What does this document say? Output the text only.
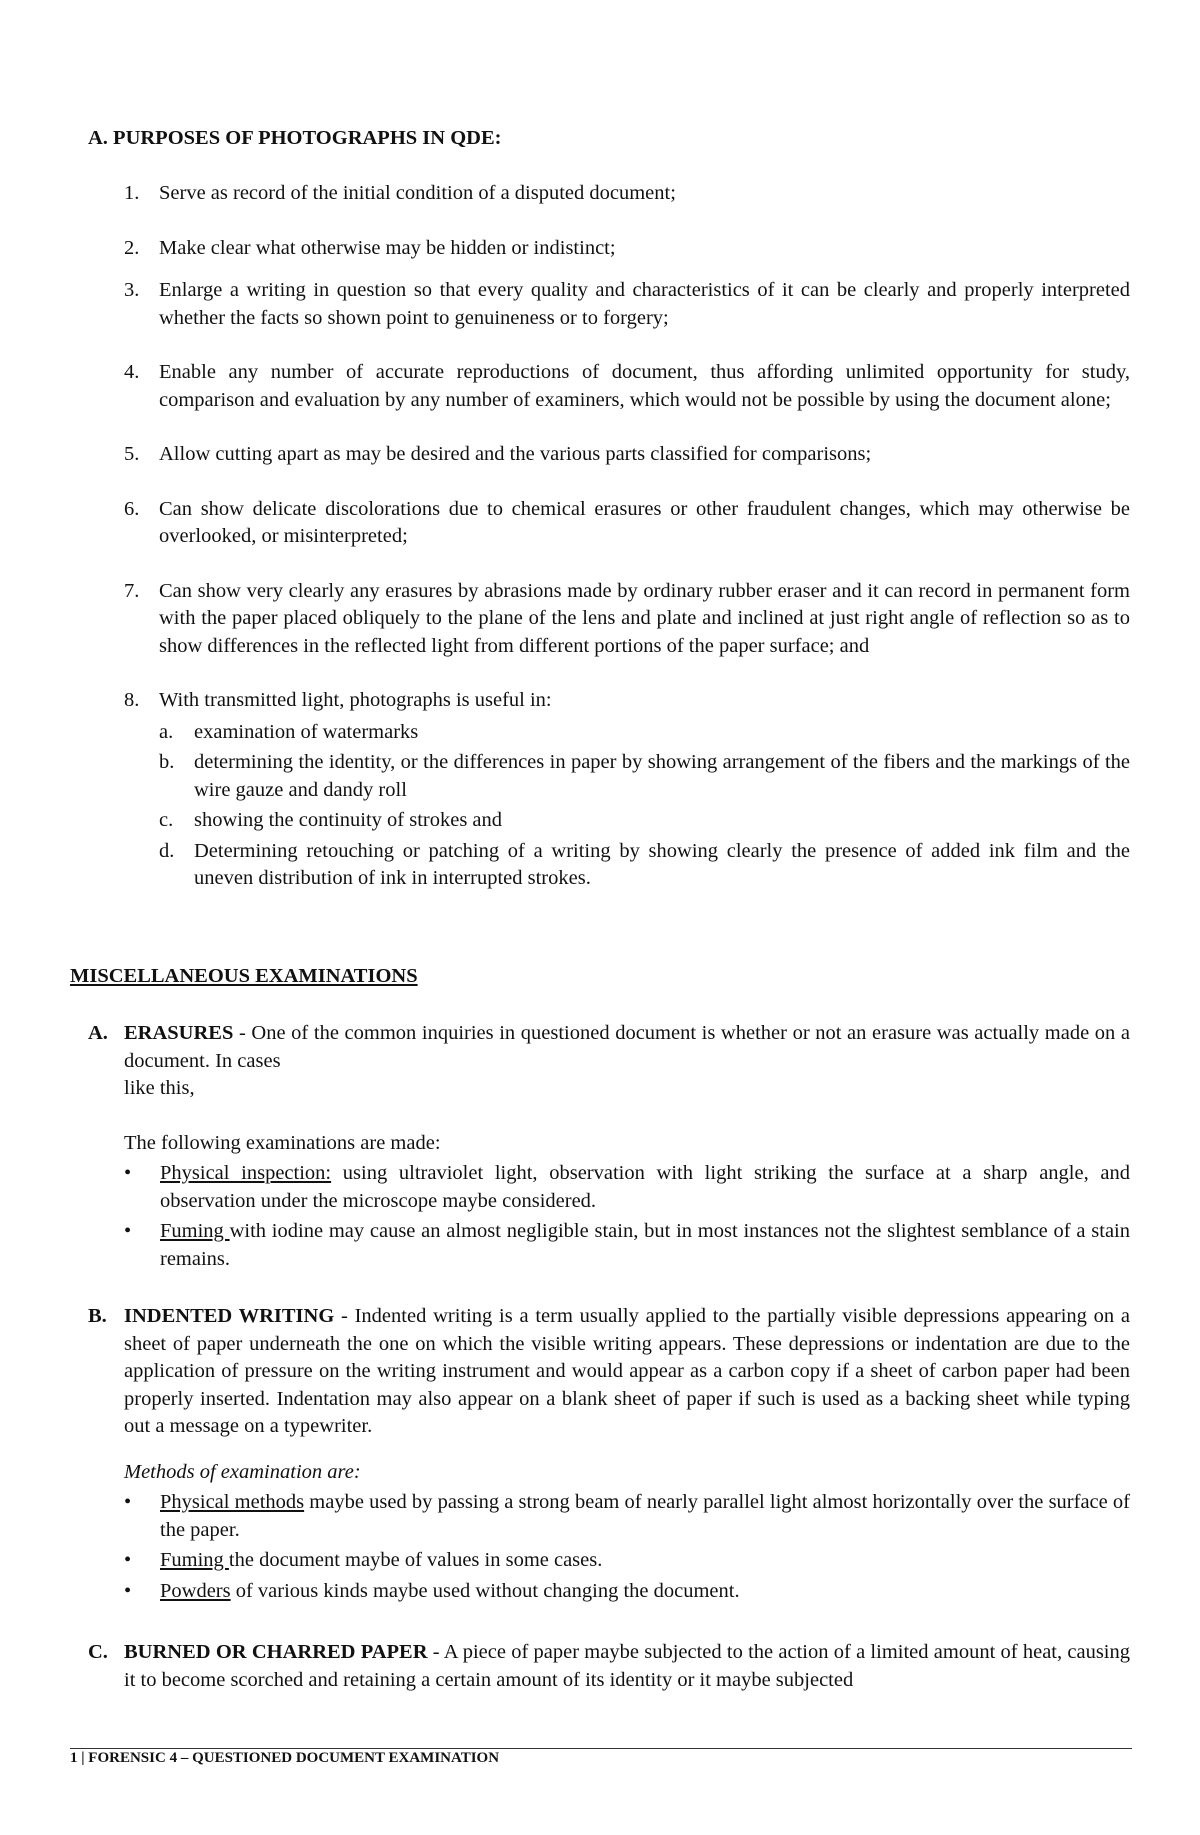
A. PURPOSES OF PHOTOGRAPHS IN QDE:
1. Serve as record of the initial condition of a disputed document;
2. Make clear what otherwise may be hidden or indistinct;
3. Enlarge a writing in question so that every quality and characteristics of it can be clearly and properly interpreted whether the facts so shown point to genuineness or to forgery;
4. Enable any number of accurate reproductions of document, thus affording unlimited opportunity for study, comparison and evaluation by any number of examiners, which would not be possible by using the document alone;
5. Allow cutting apart as may be desired and the various parts classified for comparisons;
6. Can show delicate discolorations due to chemical erasures or other fraudulent changes, which may otherwise be overlooked, or misinterpreted;
7. Can show very clearly any erasures by abrasions made by ordinary rubber eraser and it can record in permanent form with the paper placed obliquely to the plane of the lens and plate and inclined at just right angle of reflection so as to show differences in the reflected light from different portions of the paper surface; and
8. With transmitted light, photographs is useful in:
a.	examination of watermarks
b. determining the identity, or the differences in paper by showing arrangement of the fibers and the markings of the wire gauze and dandy roll
c.	showing the continuity of strokes and
d. Determining retouching or patching of a writing by showing clearly the presence of added ink film and the uneven distribution of ink in interrupted strokes.
MISCELLANEOUS EXAMINATIONS
A. ERASURES - One of the common inquiries in questioned document is whether or not an erasure was actually made on a document. In cases
like this,
The following examinations are made:
•	Physical inspection: using ultraviolet light, observation with light striking the surface at a sharp angle, and observation under the microscope maybe considered.
•	Fuming with iodine may cause an almost negligible stain, but in most instances not the slightest semblance of a stain remains.
B. INDENTED WRITING - Indented writing is a term usually applied to the partially visible depressions appearing on a sheet of paper underneath the one on which the visible writing appears. These depressions or indentation are due to the application of pressure on the writing instrument and would appear as a carbon copy if a sheet of carbon paper had been properly inserted. Indentation may also appear on a blank sheet of paper if such is used as a backing sheet while typing out a message on a typewriter.
Methods of examination are:
•	Physical methods maybe used by passing a strong beam of nearly parallel light almost horizontally over the surface of the paper.
•	Fuming the document maybe of values in some cases.
•	Powders of various kinds maybe used without changing the document.
C. BURNED OR CHARRED PAPER - A piece of paper maybe subjected to the action of a limited amount of heat, causing it to become scorched and retaining a certain amount of its identity or it maybe subjected
1 | FORENSIC 4 – QUESTIONED DOCUMENT EXAMINATION
